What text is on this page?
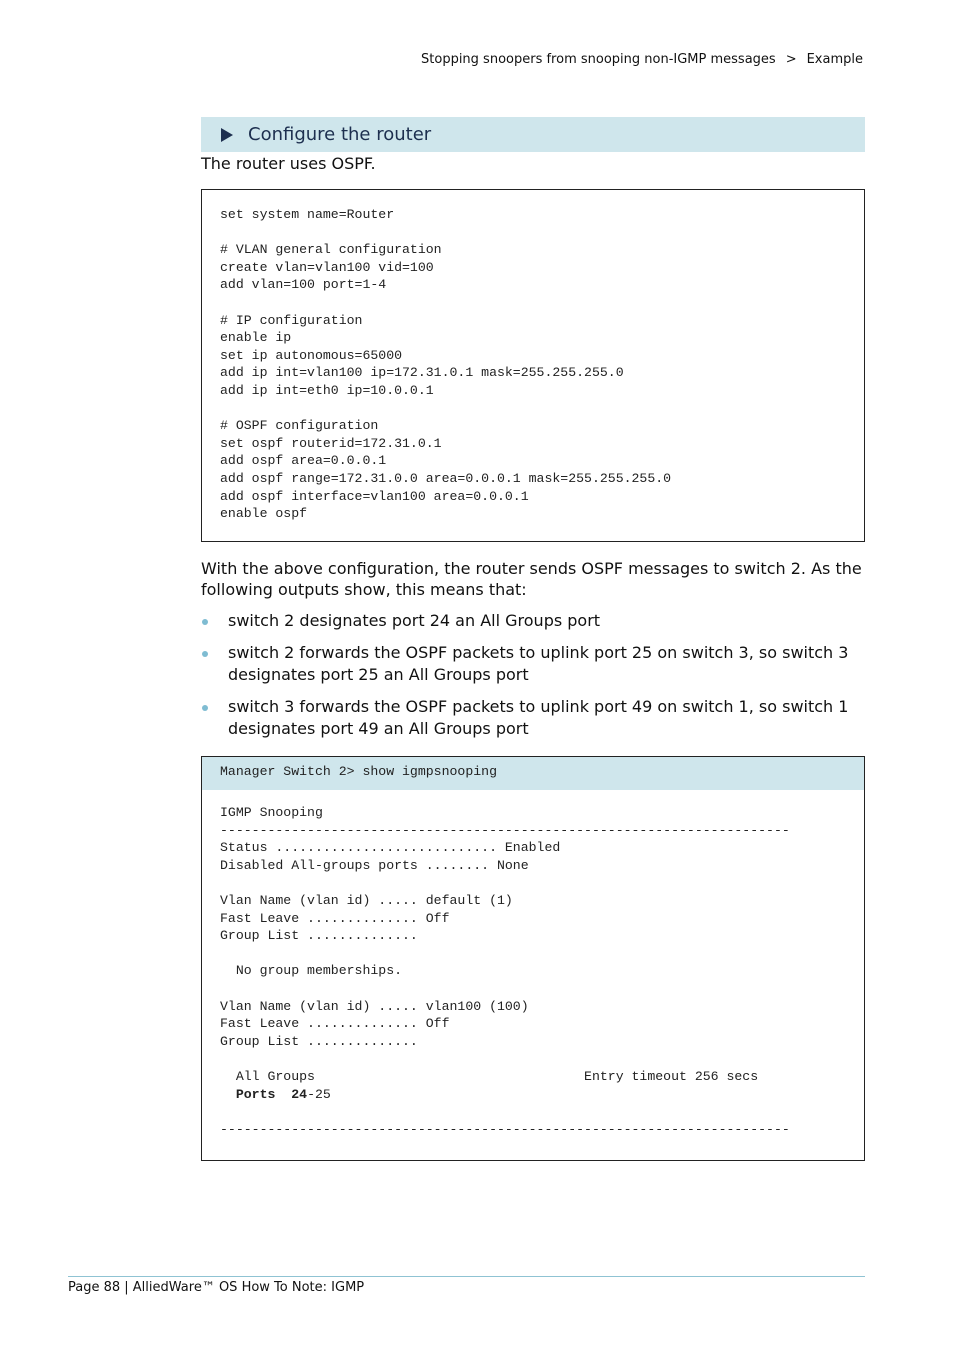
Stopping snoopers from snooping non-IGMP messages > Example
Configure the router
The router uses OSPF.
set system name=Router

# VLAN general configuration
create vlan=vlan100 vid=100
add vlan=100 port=1-4

# IP configuration
enable ip
set ip autonomous=65000
add ip int=vlan100 ip=172.31.0.1 mask=255.255.255.0
add ip int=eth0 ip=10.0.0.1

# OSPF configuration
set ospf routerid=172.31.0.1
add ospf area=0.0.0.1
add ospf range=172.31.0.0 area=0.0.0.1 mask=255.255.255.0
add ospf interface=vlan100 area=0.0.0.1
enable ospf
With the above configuration, the router sends OSPF messages to switch 2. As the following outputs show, this means that:
switch 2 designates port 24 an All Groups port
switch 2 forwards the OSPF packets to uplink port 25 on switch 3, so switch 3 designates port 25 an All Groups port
switch 3 forwards the OSPF packets to uplink port 49 on switch 1, so switch 1 designates port 49 an All Groups port
Manager Switch 2> show igmpsnooping
IGMP Snooping
------------------------------------------------------------------------
Status ............................ Enabled
Disabled All-groups ports ........ None

Vlan Name (vlan id) ..... default (1)
Fast Leave .............. Off
Group List ..............

No group memberships.

Vlan Name (vlan id) ..... vlan100 (100)
Fast Leave .............. Off
Group List ..............

All Groups                                  Entry timeout 256 secs
Ports 24-25

------------------------------------------------------------------------
Page 88 | AlliedWare™ OS How To Note: IGMP
